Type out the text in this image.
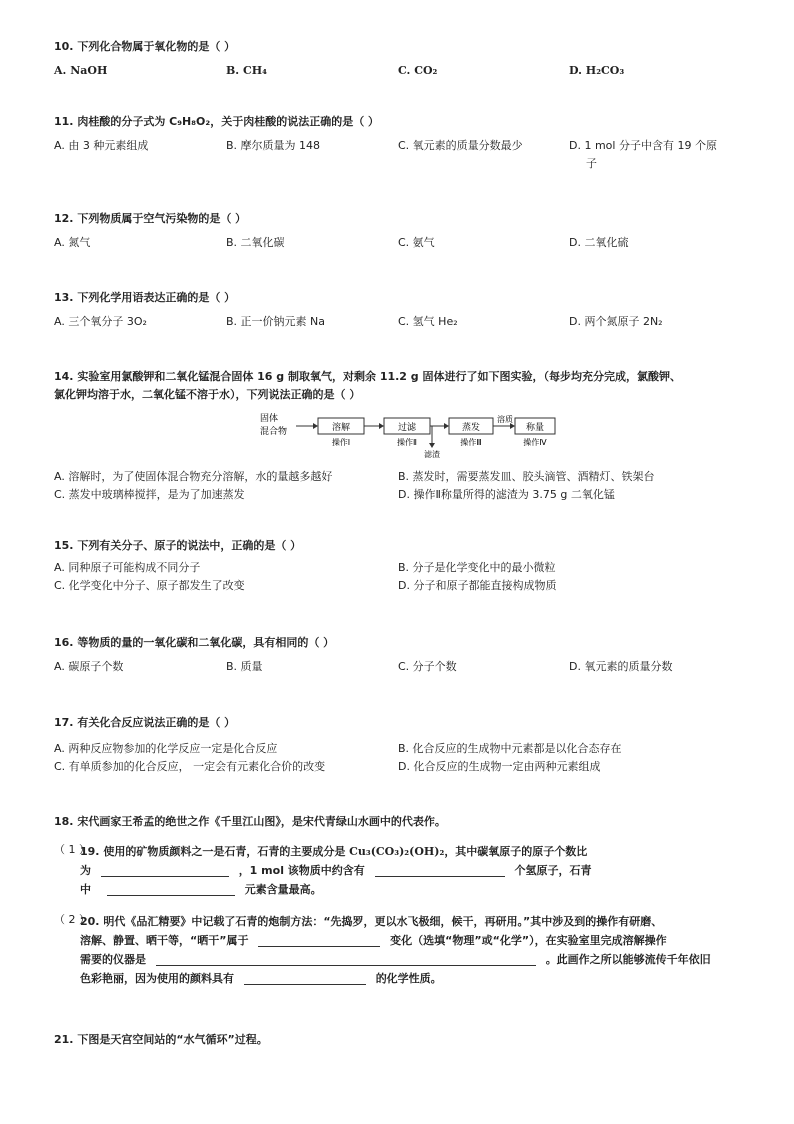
10. 下列化合物属于氧化物的是（ ）
A. NaOH	B. CH₄	C. CO₂	D. H₂CO₃
11. 肉桂酸的分子式为 C₉H₈O₂，关于肉桂酸的说法正确的是（ ）
A. 由 3 种元素组成	B. 摩尔质量为 148	C. 氧元素的质量分数最少	D. 1 mol 分子中含有 19 个原
子
12. 下列物质属于空气污染物的是（ ）
A. 氮气	B. 二氧化碳	C. 氨气	D. 二氧化硫
13. 下列化学用语表达正确的是（ ）
A. 三个氧分子 3O₂	B. 正一价钠元素 Na	C. 氢气 He₂	D. 两个氮原子 2N₂
14. 实验室用氯酸钾和二氧化锰混合固体 16 g 制取氧气，对剩余 11.2 g 固体进行了如下图实验，（每步均充分完成，氯酸钾、
氯化钾均溶于水，二氧化锰不溶于水），下列说法正确的是（ ）
固体
混合物	溶解
操作Ⅰ
过滤
操作Ⅱ
滤渣
蒸发
操作Ⅲ
溶质
称量
操作Ⅳ
A. 溶解时，为了使固体混合物充分溶解，水的量越多越好	B. 蒸发时，需要蒸发皿、胶头滴管、酒精灯、铁架台
C. 蒸发中玻璃棒搅拌，是为了加速蒸发	D. 操作Ⅱ称量所得的滤渣为 3.75 g 二氧化锰
15. 下列有关分子、原子的说法中，正确的是（ ）
A. 同种原子可能构成不同分子	B. 分子是化学变化中的最小微粒
C. 化学变化中分子、原子都发生了改变	D. 分子和原子都能直接构成物质
16. 等物质的量的一氧化碳和二氧化碳，具有相同的（ ）
A. 碳原子个数	B. 质量	C. 分子个数	D. 氧元素的质量分数
17. 有关化合反应说法正确的是（ ）
A. 两种反应物参加的化学反应一定是化合反应	B. 化合反应的生成物中元素都是以化合态存在
C. 有单质参加的化合反应， 一定会有元素化合价的改变	D. 化合反应的生成物一定由两种元素组成
18. 宋代画家王希孟的绝世之作《千里江山图》，是宋代青绿山水画中的代表作。
（ 1 ）
19. 使用的矿物质颜料之一是石青，石青的主要成分是 Cu₃(CO₃)₂(OH)₂，其中碳氧原子的原子个数比
为	，1 mol 该物质中约含有	个氢原子，石青
中	元素含量最高。
（ 2 ）
20. 明代《品汇精要》中记载了石青的炮制方法：“先捣罗，更以水飞极细，候干，再研用。”其中涉及到的操作有研磨、
溶解、静置、晒干等，“晒干”属于	变化（选填“物理”或“化学”），在实验室里完成溶解操作
需要的仪器是	。此画作之所以能够流传千年依旧
色彩艳丽，因为使用的颜料具有	的化学性质。
21. 下图是天宫空间站的“水气循环”过程。
